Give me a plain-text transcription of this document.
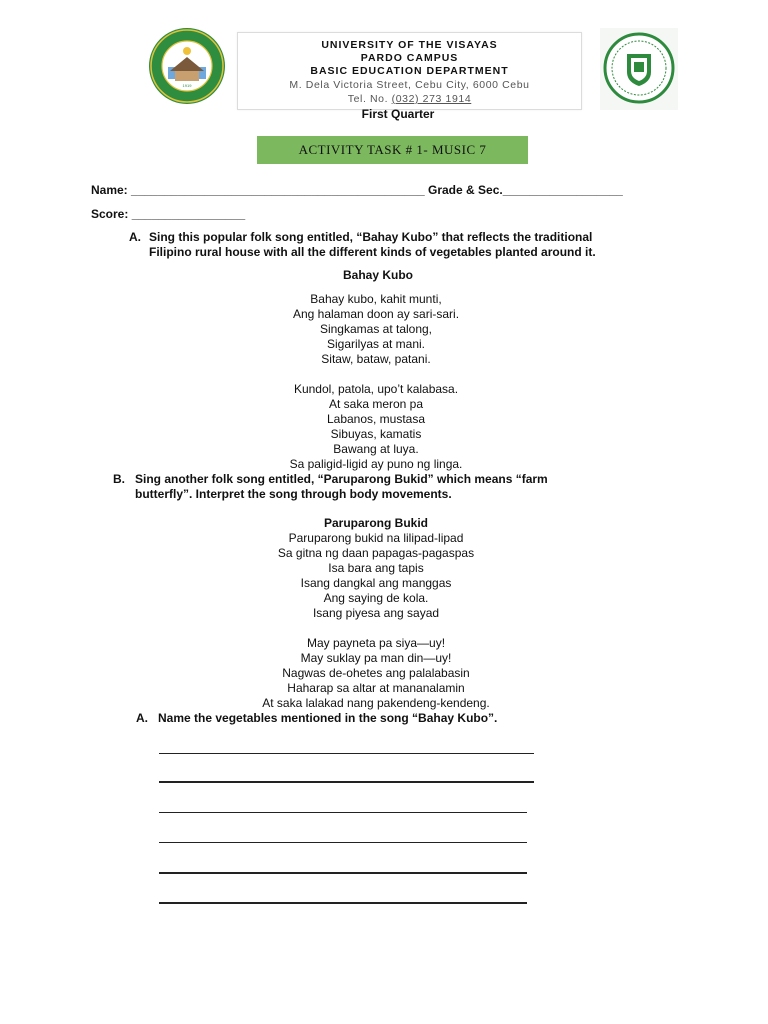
1919
UNIVERSITY OF THE VISAYAS
PARDO CAMPUS
BASIC EDUCATION DEPARTMENT
M. Dela Victoria Street, Cebu City, 6000 Cebu
Tel. No. (032) 273 1914
First Quarter
ACTIVITY TASK # 1- MUSIC 7
Name: ____________________________________________ Grade & Sec.__________________
Score: _________________
A. Sing this popular folk song entitled, “Bahay Kubo” that reflects the traditional
Filipino rural house with all the different kinds of vegetables planted around it.
Bahay Kubo
Bahay kubo, kahit munti,
Ang halaman doon ay sari-sari.
Singkamas at talong,
Sigarilyas at mani.
Sitaw, bataw, patani.
Kundol, patola, upo’t kalabasa.
At saka meron pa
Labanos, mustasa
Sibuyas, kamatis
Bawang at luya.
Sa paligid-ligid ay puno ng linga.
B. Sing another folk song entitled, “Paruparong Bukid” which means “farm
butterfly”. Interpret the song through body movements.
Paruparong Bukid
Paruparong bukid na lilipad-lipad
Sa gitna ng daan papagas-pagaspas
Isa bara ang tapis
Isang dangkal ang manggas
Ang saying de kola.
Isang piyesa ang sayad
May payneta pa siya—uy!
May suklay pa man din—uy!
Nagwas de-ohetes ang palalabasin
Haharap sa altar at mananalamin
At saka lalakad nang pakendeng-kendeng.
A. Name the vegetables mentioned in the song “Bahay Kubo”.
